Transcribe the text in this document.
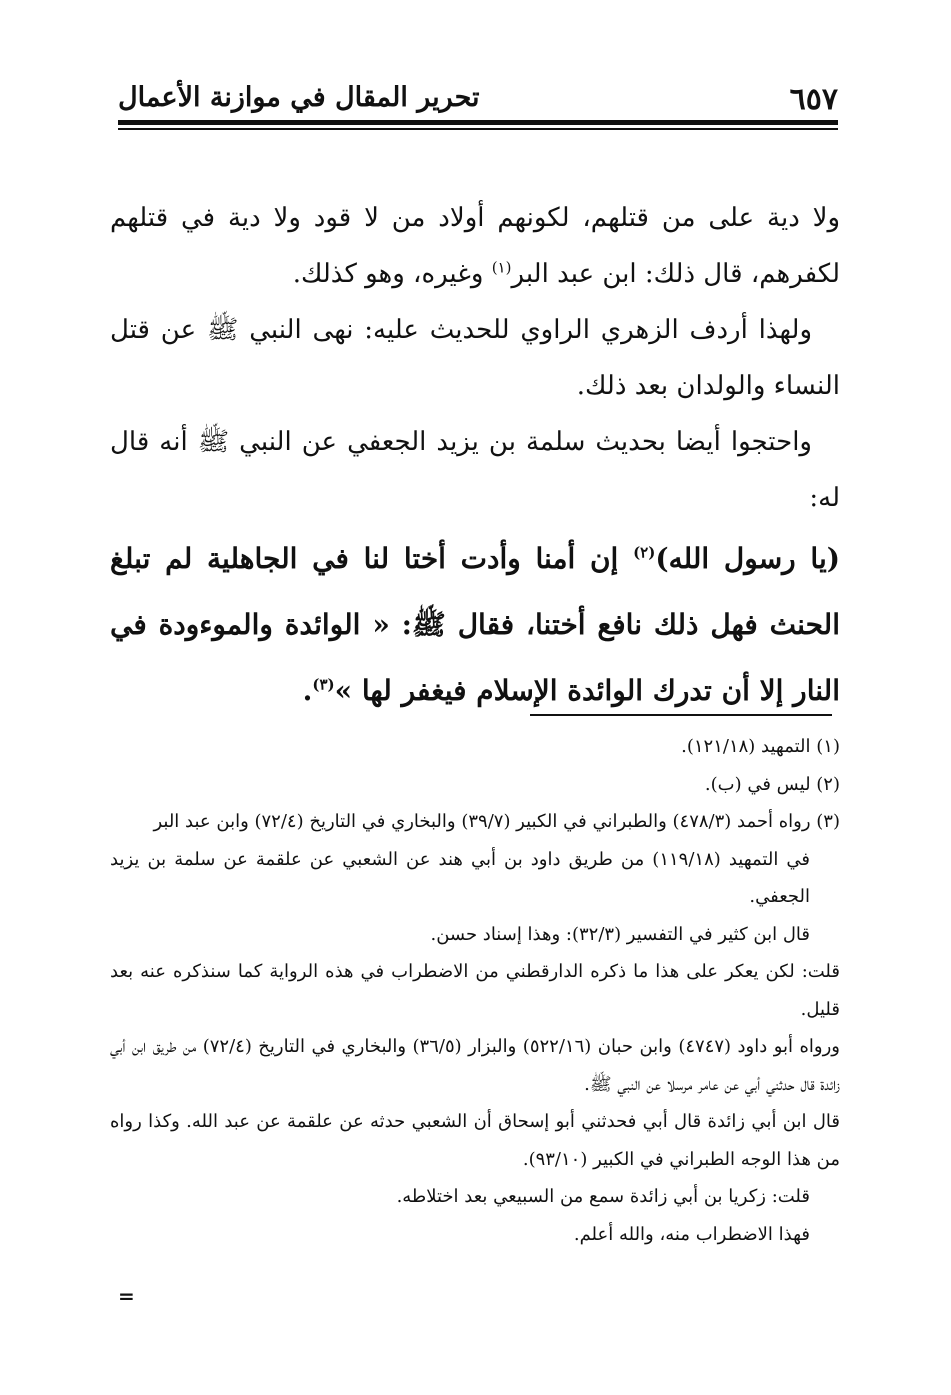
٦٥٧
تحرير المقال في موازنة الأعمال

ولا دية على من قتلهم، لكونهم أولاد من لا قود ولا دية في قتلهم لكفرهم، قال ذلك: ابن عبد البر$^{(١)}$ وغيره، وهو كذلك.

ولهذا أردف الزهري الراوي للحديث عليه: نهى النبي ﷺ عن قتل النساء والولدان بعد ذلك.

واحتجوا أيضا بحديث سلمة بن يزيد الجعفي عن النبي ﷺ أنه قال له:

(يا رسول الله)$^{(٢)}$ إن أمنا وأدت أختا لنا في الجاهلية لم تبلغ الحنث فهل ذلك نافع أختنا، فقال ﷺ: « الوائدة والموءودة في النار إلا أن تدرك الوائدة الإسلام فيغفر لها »$^{(٣)}$.

(١) التمهيد (١٢١/١٨).

(٢) ليس في (ب).

(٣) رواه أحمد (٤٧٨/٣) والطبراني في الكبير (٣٩/٧) والبخاري في التاريخ (٧٢/٤) وابن عبد البر

في التمهيد (١١٩/١٨) من طريق داود بن أبي هند عن الشعبي عن علقمة عن سلمة بن يزيد الجعفي.

قال ابن كثير في التفسير (٣٢/٣): وهذا إسناد حسن.

قلت: لكن يعكر على هذا ما ذكره الدارقطني من الاضطراب في هذه الرواية كما سنذكره عنه بعد قليل.

ورواه أبو داود (٤٧٤٧) وابن حبان (٥٢٢/١٦) والبزار (٣٦/٥) والبخاري في التاريخ (٧٢/٤) من طريق ابن أبي زائدة قال حدثني أبي عن عامر مرسلا عن النبي ﷺ.

قال ابن أبي زائدة قال أبي فحدثني أبو إسحاق أن الشعبي حدثه عن علقمة عن عبد الله. وكذا رواه من هذا الوجه الطبراني في الكبير (٩٣/١٠).

قلت: زكريا بن أبي زائدة سمع من السبيعي بعد اختلاطه.

فهذا الاضطراب منه، والله أعلم.

=
